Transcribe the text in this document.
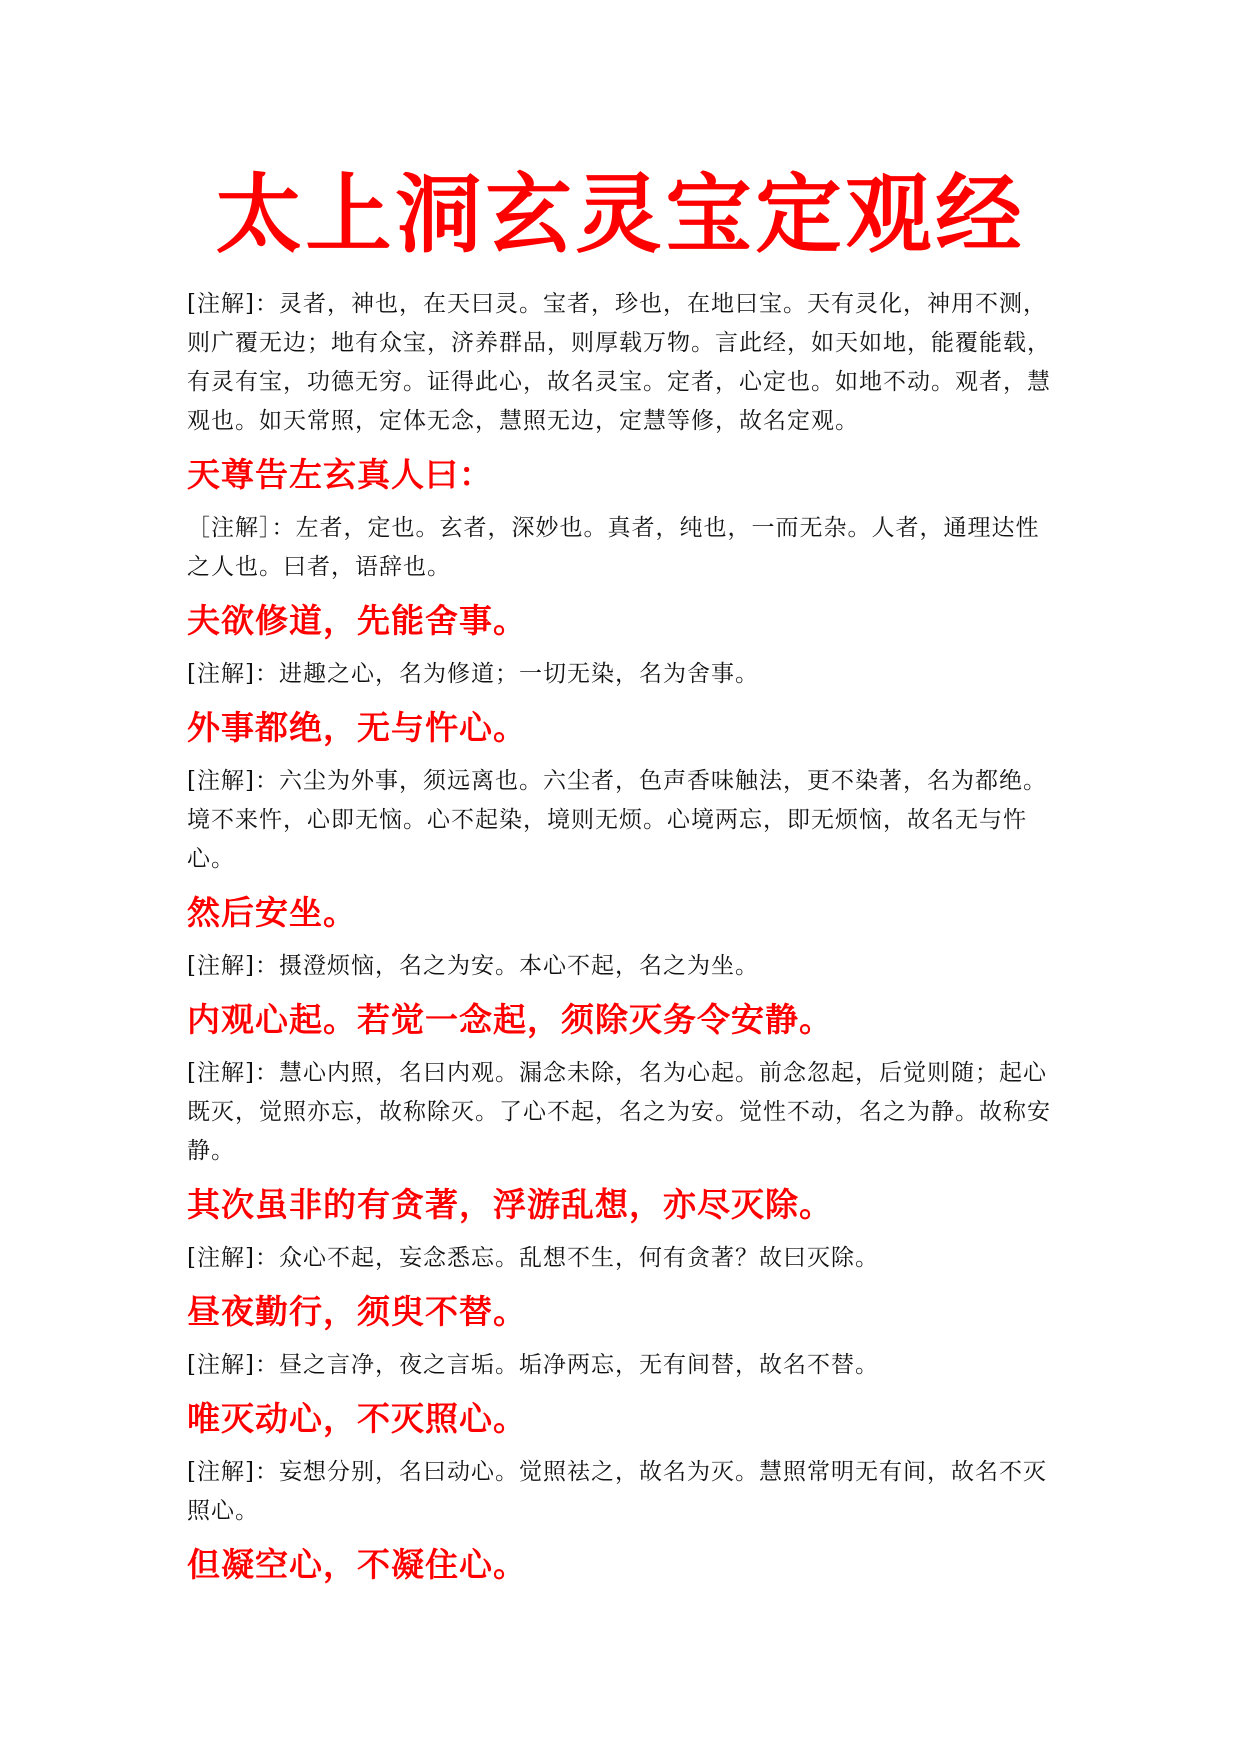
太上洞玄灵宝定观经

[注解]：灵者，神也，在天曰灵。宝者，珍也，在地曰宝。天有灵化，神用不测，则广覆无边；地有众宝，济养群品，则厚载万物。言此经，如天如地，能覆能载，有灵有宝，功德无穷。证得此心，故名灵宝。定者，心定也。如地不动。观者，慧观也。如天常照，定体无念，慧照无边，定慧等修，故名定观。

天尊告左玄真人曰：

［注解］：左者，定也。玄者，深妙也。真者，纯也，一而无杂。人者，通理达性之人也。曰者，语辞也。

夫欲修道，先能舍事。

[注解]：进趣之心，名为修道；一切无染，名为舍事。

外事都绝，无与忤心。

[注解]：六尘为外事，须远离也。六尘者，色声香味触法，更不染著，名为都绝。境不来忤，心即无恼。心不起染，境则无烦。心境两忘，即无烦恼，故名无与忤心。

然后安坐。

[注解]：摄澄烦恼，名之为安。本心不起，名之为坐。

内观心起。若觉一念起，须除灭务令安静。

[注解]：慧心内照，名曰内观。漏念未除，名为心起。前念忽起，后觉则随；起心既灭，觉照亦忘，故称除灭。了心不起，名之为安。觉性不动，名之为静。故称安静。

其次虽非的有贪著，浮游乱想，亦尽灭除。

[注解]：众心不起，妄念悉忘。乱想不生，何有贪著？故曰灭除。

昼夜勤行，须臾不替。

[注解]：昼之言净，夜之言垢。垢净两忘，无有间替，故名不替。

唯灭动心，不灭照心。

[注解]：妄想分别，名曰动心。觉照祛之，故名为灭。慧照常明无有间，故名不灭照心。

但凝空心，不凝住心。
